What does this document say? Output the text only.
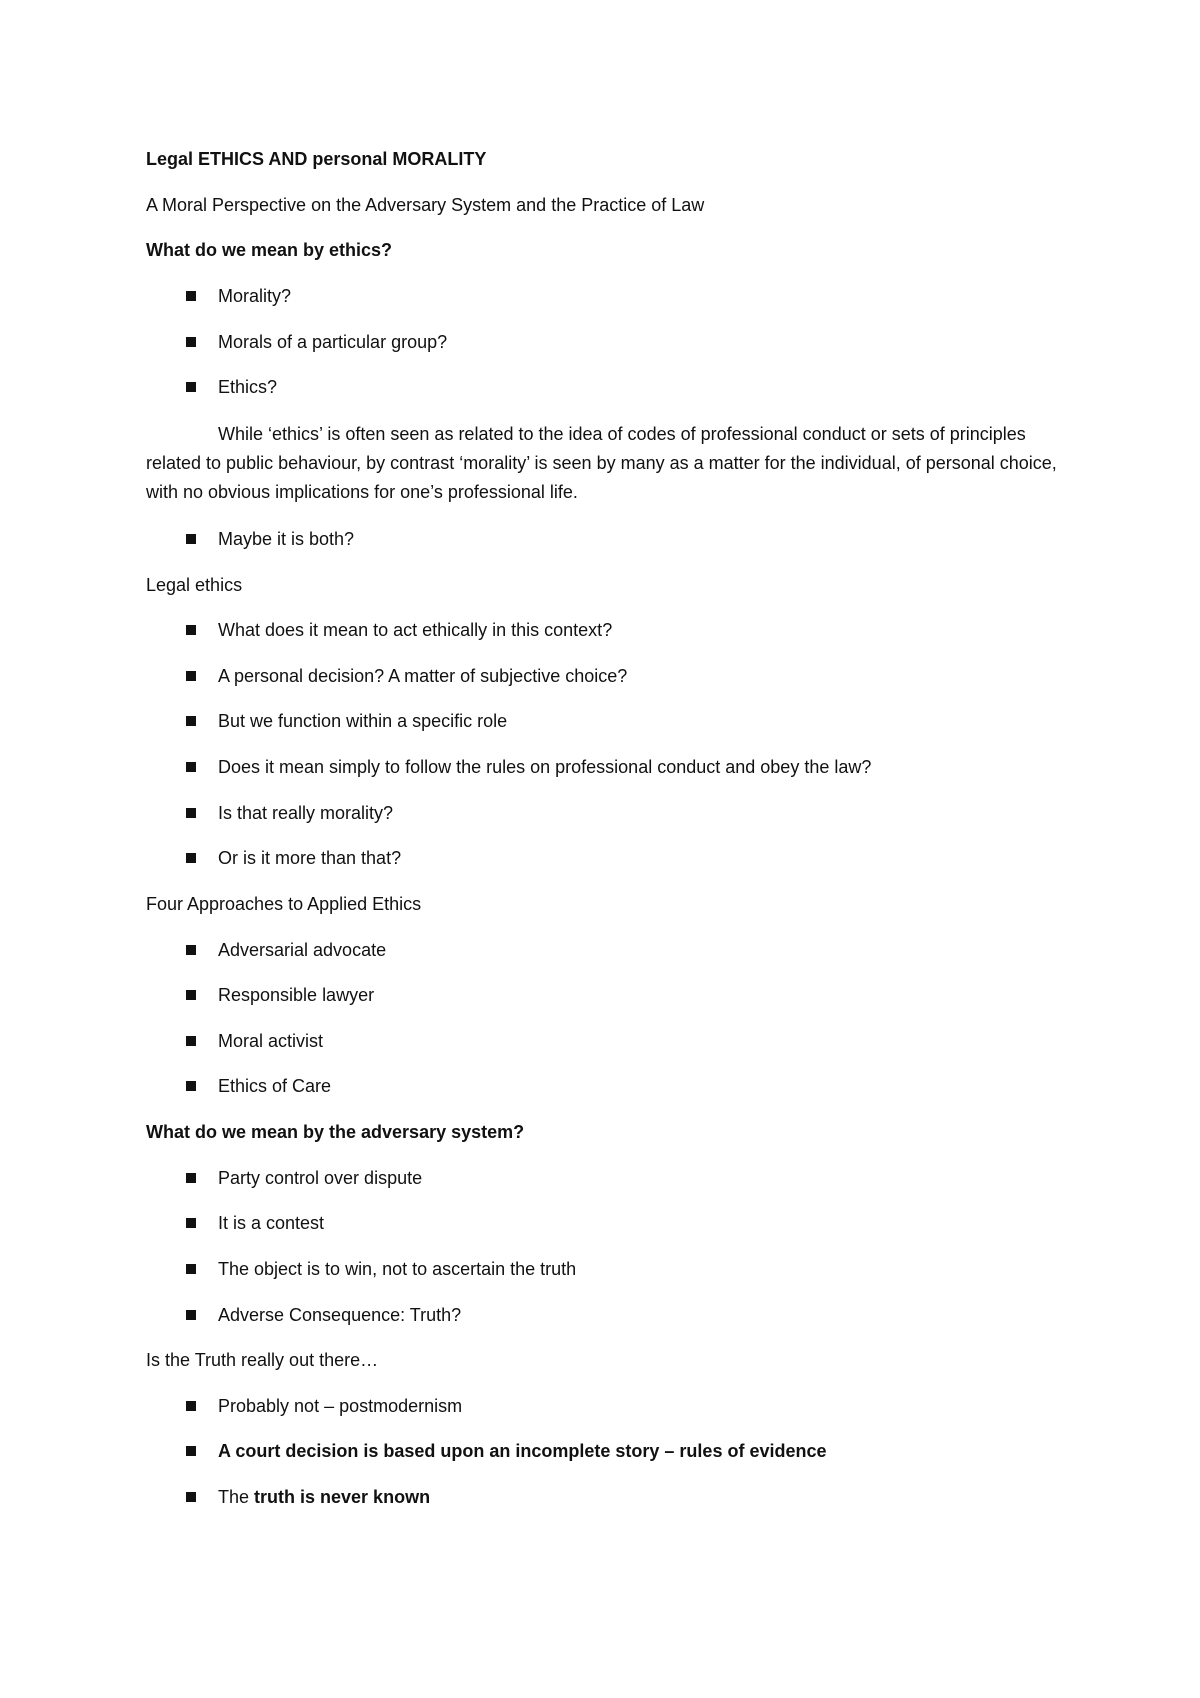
Legal ETHICS AND personal MORALITY
A Moral Perspective on the Adversary System and the Practice of Law
What do we mean by ethics?
Morality?
Morals of a particular group?
Ethics?
While ‘ethics’ is often seen as related to the idea of codes of professional conduct or sets of principles related to public behaviour, by contrast ‘morality’ is seen by many as a matter for the individual, of personal choice, with no obvious implications for one’s professional life.
Maybe it is both?
Legal ethics
What does it mean to act ethically in this context?
A personal decision? A matter of subjective choice?
But we function within a specific role
Does it mean simply to follow the rules on professional conduct and obey the law?
Is that really morality?
Or is it more than that?
Four Approaches to Applied Ethics
Adversarial advocate
Responsible lawyer
Moral activist
Ethics of Care
What do we mean by the adversary system?
Party control over dispute
It is a contest
The object is to win, not to ascertain the truth
Adverse Consequence: Truth?
Is the Truth really out there…
Probably not – postmodernism
A court decision is based upon an incomplete story – rules of evidence
The truth is never known
